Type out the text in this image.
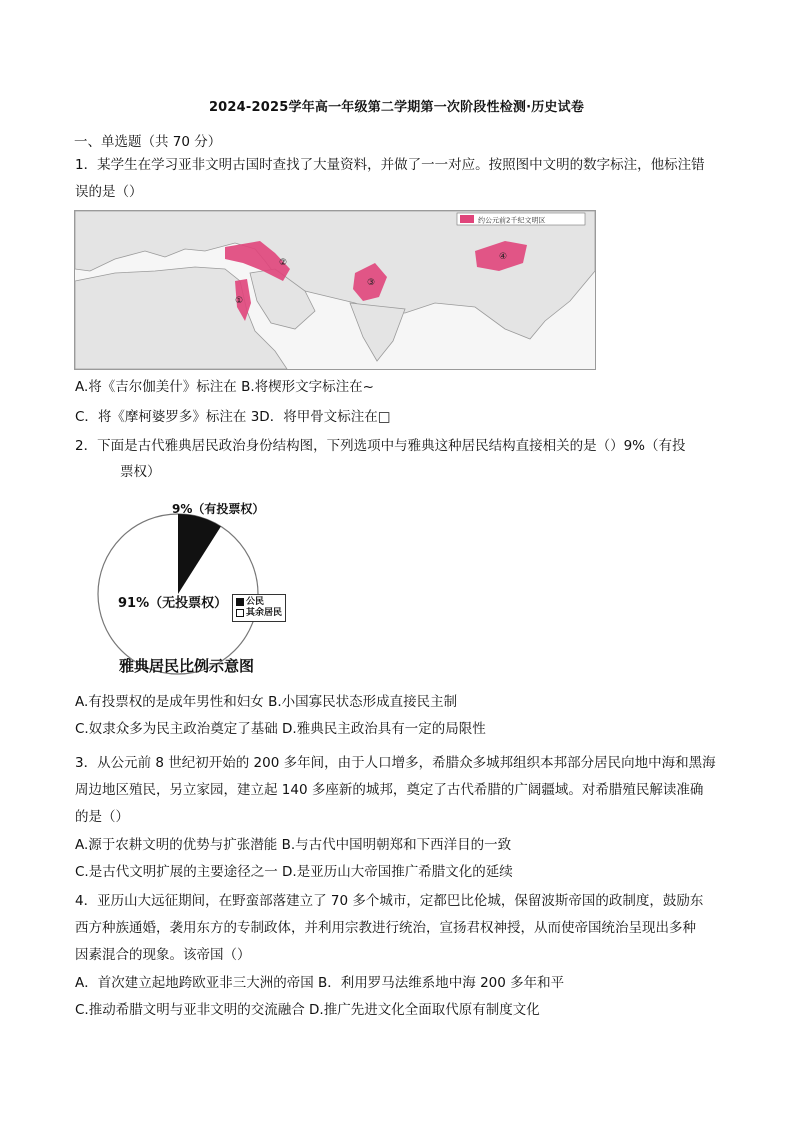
2024-2025学年高一年级第二学期第一次阶段性检测·历史试卷
一、单选题（共 70 分）
1．某学生在学习亚非文明古国时查找了大量资料，并做了一一对应。按照图中文明的数字标注，他标注错
误的是（）
约公元前2千纪文明区
①
②
③
④
A.将《吉尔伽美什》标注在 B.将楔形文字标注在~
C．将《摩柯婆罗多》标注在 3D．将甲骨文标注在□
2．下面是古代雅典居民政治身份结构图，下列选项中与雅典这种居民结构直接相关的是（）9%（有投
票权）
9%（有投票权）
91%（无投票权）	公民
其余居民
雅典居民比例示意图
A.有投票权的是成年男性和妇女 B.小国寡民状态形成直接民主制
C.奴隶众多为民主政治奠定了基础 D.雅典民主政治具有一定的局限性
3．从公元前 8 世纪初开始的 200 多年间，由于人口增多，希腊众多城邦组织本邦部分居民向地中海和黑海
周边地区殖民，另立家园，建立起 140 多座新的城邦，奠定了古代希腊的广阔疆域。对希腊殖民解读准确
的是（）
A.源于农耕文明的优势与扩张潜能 B.与古代中国明朝郑和下西洋目的一致
C.是古代文明扩展的主要途径之一 D.是亚历山大帝国推广希腊文化的延续
4．亚历山大远征期间，在野蛮部落建立了 70 多个城市，定都巴比伦城，保留波斯帝国的政制度，鼓励东
西方种族通婚，袭用东方的专制政体，并利用宗教进行统治，宣扬君权神授，从而使帝国统治呈现出多种
因素混合的现象。该帝国（）
A．首次建立起地跨欧亚非三大洲的帝国 B．利用罗马法维系地中海 200 多年和平
C.推动希腊文明与亚非文明的交流融合 D.推广先进文化全面取代原有制度文化
